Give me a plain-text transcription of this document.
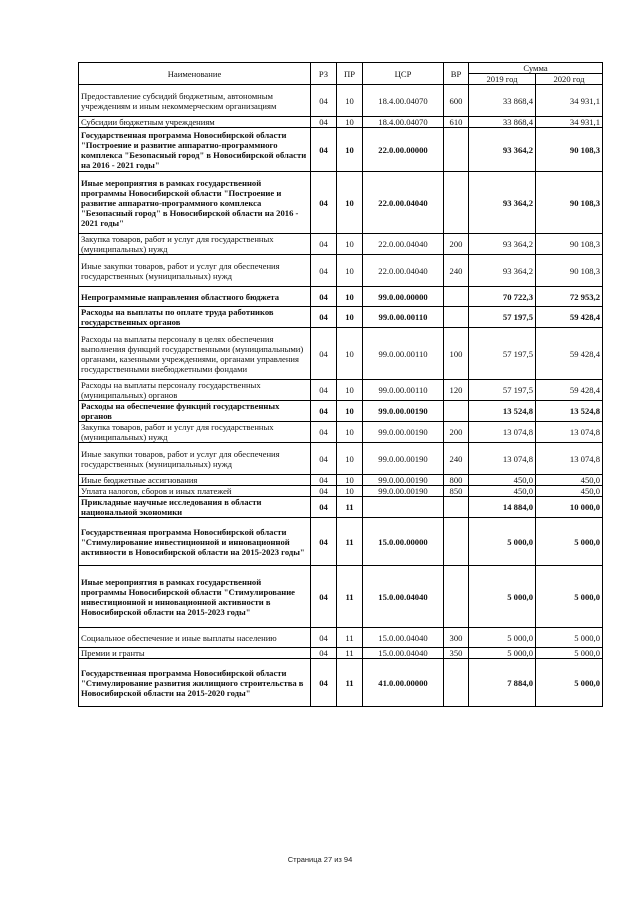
Наименование	РЗ	ПР	ЦСР	ВР	Сумма	
					2019 год	2020 год
Предоставление субсидий бюджетным, автономным учреждениям и иным некоммерческим организациям	04	10	18.4.00.04070	600	33 868,4	34 931,1
Субсидии бюджетным учреждениям	04	10	18.4.00.04070	610	33 868,4	34 931,1
Государственная программа Новосибирской области "Построение и развитие аппаратно-программного комплекса "Безопасный город" в Новосибирской области на 2016 - 2021 годы"	04	10	22.0.00.00000		93 364,2	90 108,3
Иные мероприятия в рамках государственной программы Новосибирской области "Построение и развитие аппаратно-программного комплекса "Безопасный город" в Новосибирской области на 2016 - 2021 годы"	04	10	22.0.00.04040		93 364,2	90 108,3
Закупка товаров, работ и услуг для государственных (муниципальных) нужд	04	10	22.0.00.04040	200	93 364,2	90 108,3
Иные закупки товаров, работ и услуг для обеспечения государственных (муниципальных) нужд	04	10	22.0.00.04040	240	93 364,2	90 108,3
Непрограммные направления областного бюджета	04	10	99.0.00.00000		70 722,3	72 953,2
Расходы на выплаты по оплате труда работников государственных органов	04	10	99.0.00.00110		57 197,5	59 428,4
Расходы на выплаты персоналу в целях обеспечения выполнения функций государственными (муниципальными) органами, казенными учреждениями, органами управления государственными внебюджетными фондами	04	10	99.0.00.00110	100	57 197,5	59 428,4
Расходы на выплаты персоналу государственных (муниципальных) органов	04	10	99.0.00.00110	120	57 197,5	59 428,4
Расходы на обеспечение функций государственных органов	04	10	99.0.00.00190		13 524,8	13 524,8
Закупка товаров, работ и услуг для государственных (муниципальных) нужд	04	10	99.0.00.00190	200	13 074,8	13 074,8
Иные закупки товаров, работ и услуг для обеспечения государственных (муниципальных) нужд	04	10	99.0.00.00190	240	13 074,8	13 074,8
Иные бюджетные ассигнования	04	10	99.0.00.00190	800	450,0	450,0
Уплата налогов, сборов и иных платежей	04	10	99.0.00.00190	850	450,0	450,0
Прикладные научные исследования в области национальной экономики	04	11			14 884,0	10 000,0
Государственная программа Новосибирской области "Стимулирование инвестиционной и инновационной активности в Новосибирской области на 2015-2023 годы"	04	11	15.0.00.00000		5 000,0	5 000,0
Иные мероприятия в рамках государственной программы Новосибирской области "Стимулирование инвестиционной и инновационной активности в Новосибирской области на 2015-2023 годы"	04	11	15.0.00.04040		5 000,0	5 000,0
Социальное обеспечение и иные выплаты населению	04	11	15.0.00.04040	300	5 000,0	5 000,0
Премии и гранты	04	11	15.0.00.04040	350	5 000,0	5 000,0
Государственная программа Новосибирской области "Стимулирование развития жилищного строительства в Новосибирской области на 2015-2020 годы"	04	11	41.0.00.00000		7 884,0	5 000,0
Страница 27 из 94
